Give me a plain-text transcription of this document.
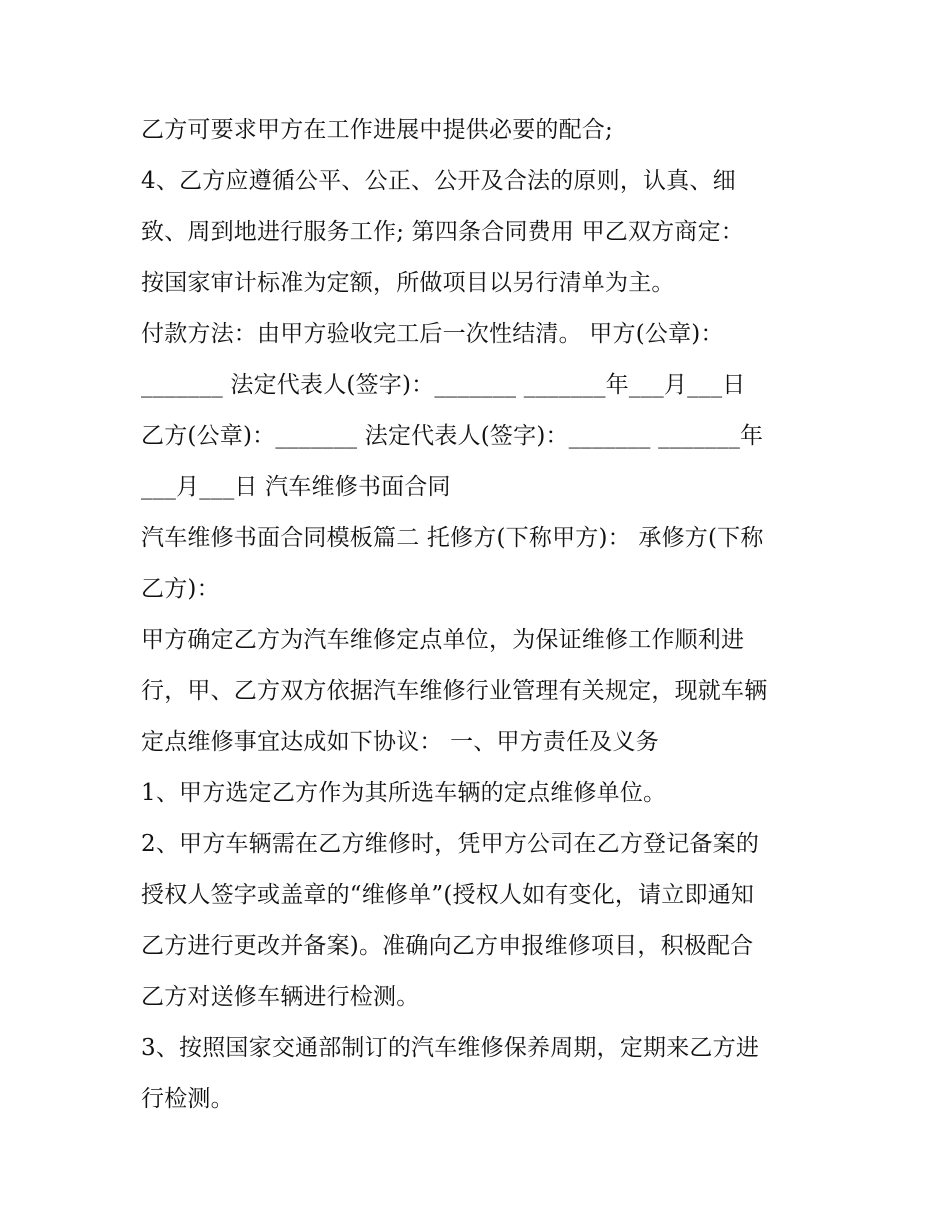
乙方可要求甲方在工作进展中提供必要的配合;
4、乙方应遵循公平、公正、公开及合法的原则，认真、细
致、周到地进行服务工作; 第四条合同费用 甲乙双方商定：
按国家审计标准为定额，所做项目以另行清单为主。
付款方法：由甲方验收完工后一次性结清。 甲方(公章)：
_______ 法定代表人(签字)：_______ _______年___月___日
乙方(公章)：_______ 法定代表人(签字)：_______ _______年
___月___日 汽车维修书面合同
汽车维修书面合同模板篇二 托修方(下称甲方)： 承修方(下称
乙方)：
甲方确定乙方为汽车维修定点单位，为保证维修工作顺利进
行，甲、乙方双方依据汽车维修行业管理有关规定，现就车辆
定点维修事宜达成如下协议： 一、甲方责任及义务
1、甲方选定乙方作为其所选车辆的定点维修单位。
2、甲方车辆需在乙方维修时，凭甲方公司在乙方登记备案的
授权人签字或盖章的“维修单”(授权人如有变化，请立即通知
乙方进行更改并备案)。准确向乙方申报维修项目，积极配合
乙方对送修车辆进行检测。
3、按照国家交通部制订的汽车维修保养周期，定期来乙方进
行检测。
